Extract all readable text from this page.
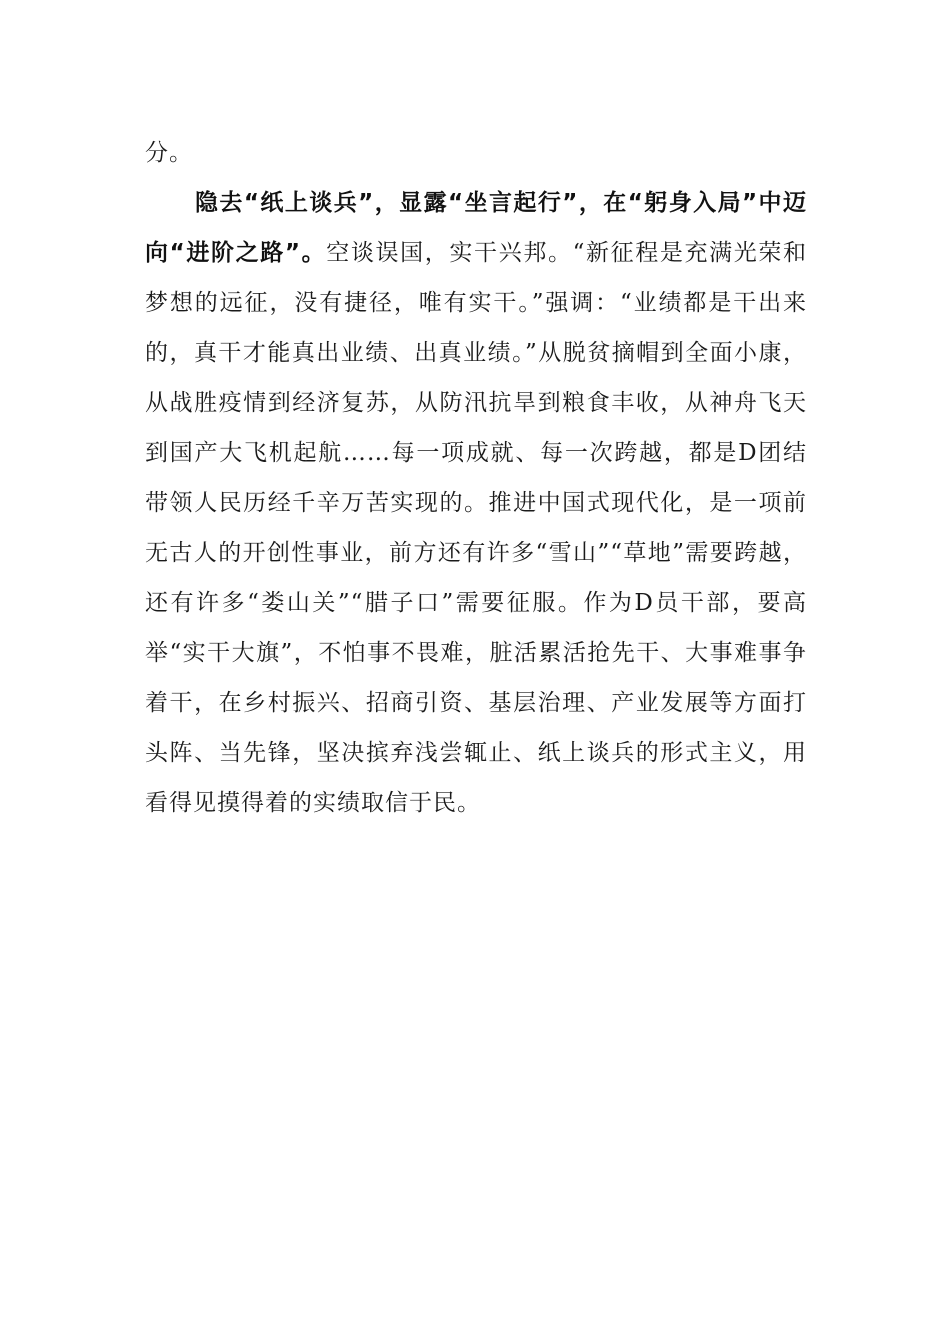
分。

隐去“纸上谈兵”，显露“坐言起行”，在“躬身入局”中迈向“进阶之路”。空谈误国，实干兴邦。“新征程是充满光荣和梦想的远征，没有捷径，唯有实干。”强调：“业绩都是干出来的，真干才能真出业绩、出真业绩。”从脱贫摘帽到全面小康，从战胜疫情到经济复苏，从防汛抗旱到粮食丰收，从神舟飞天到国产大飞机起航……每一项成就、每一次跨越，都是D团结带领人民历经千辛万苦实现的。推进中国式现代化，是一项前无古人的开创性事业，前方还有许多“雪山”“草地”需要跨越，还有许多“娄山关”“腊子口”需要征服。作为D员干部，要高举“实干大旗”，不怕事不畏难，脏活累活抢先干、大事难事争着干，在乡村振兴、招商引资、基层治理、产业发展等方面打头阵、当先锋，坚决摈弃浅尝辄止、纸上谈兵的形式主义，用看得见摸得着的实绩取信于民。
